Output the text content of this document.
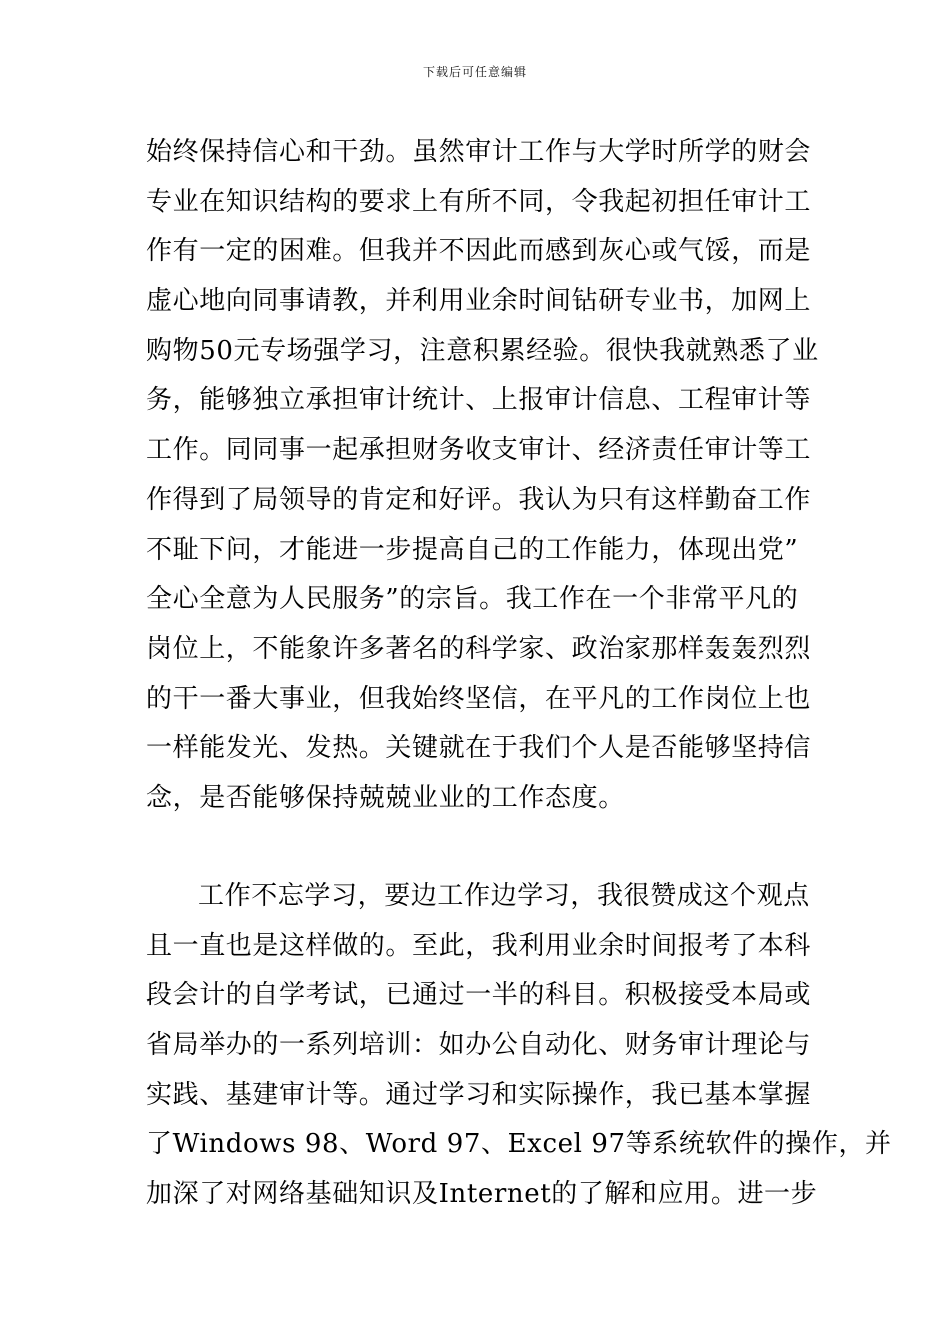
下载后可任意编辑
始终保持信心和干劲。虽然审计工作与大学时所学的财会
专业在知识结构的要求上有所不同，令我起初担任审计工
作有一定的困难。但我并不因此而感到灰心或气馁，而是
虚心地向同事请教，并利用业余时间钻研专业书，加网上
购物50元专场强学习，注意积累经验。很快我就熟悉了业
务，能够独立承担审计统计、上报审计信息、工程审计等
工作。同同事一起承担财务收支审计、经济责任审计等工
作得到了局领导的肯定和好评。我认为只有这样勤奋工作
不耻下问，才能进一步提高自己的工作能力，体现出党”
全心全意为人民服务”的宗旨。我工作在一个非常平凡的
岗位上，不能象许多著名的科学家、政治家那样轰轰烈烈
的干一番大事业，但我始终坚信，在平凡的工作岗位上也
一样能发光、发热。关键就在于我们个人是否能够坚持信
念，是否能够保持兢兢业业的工作态度。
工作不忘学习，要边工作边学习，我很赞成这个观点
且一直也是这样做的。至此，我利用业余时间报考了本科
段会计的自学考试，已通过一半的科目。积极接受本局或
省局举办的一系列培训：如办公自动化、财务审计理论与
实践、基建审计等。通过学习和实际操作，我已基本掌握
了Windows 98、Word 97、Excel 97等系统软件的操作，并
加深了对网络基础知识及Internet的了解和应用。进一步
